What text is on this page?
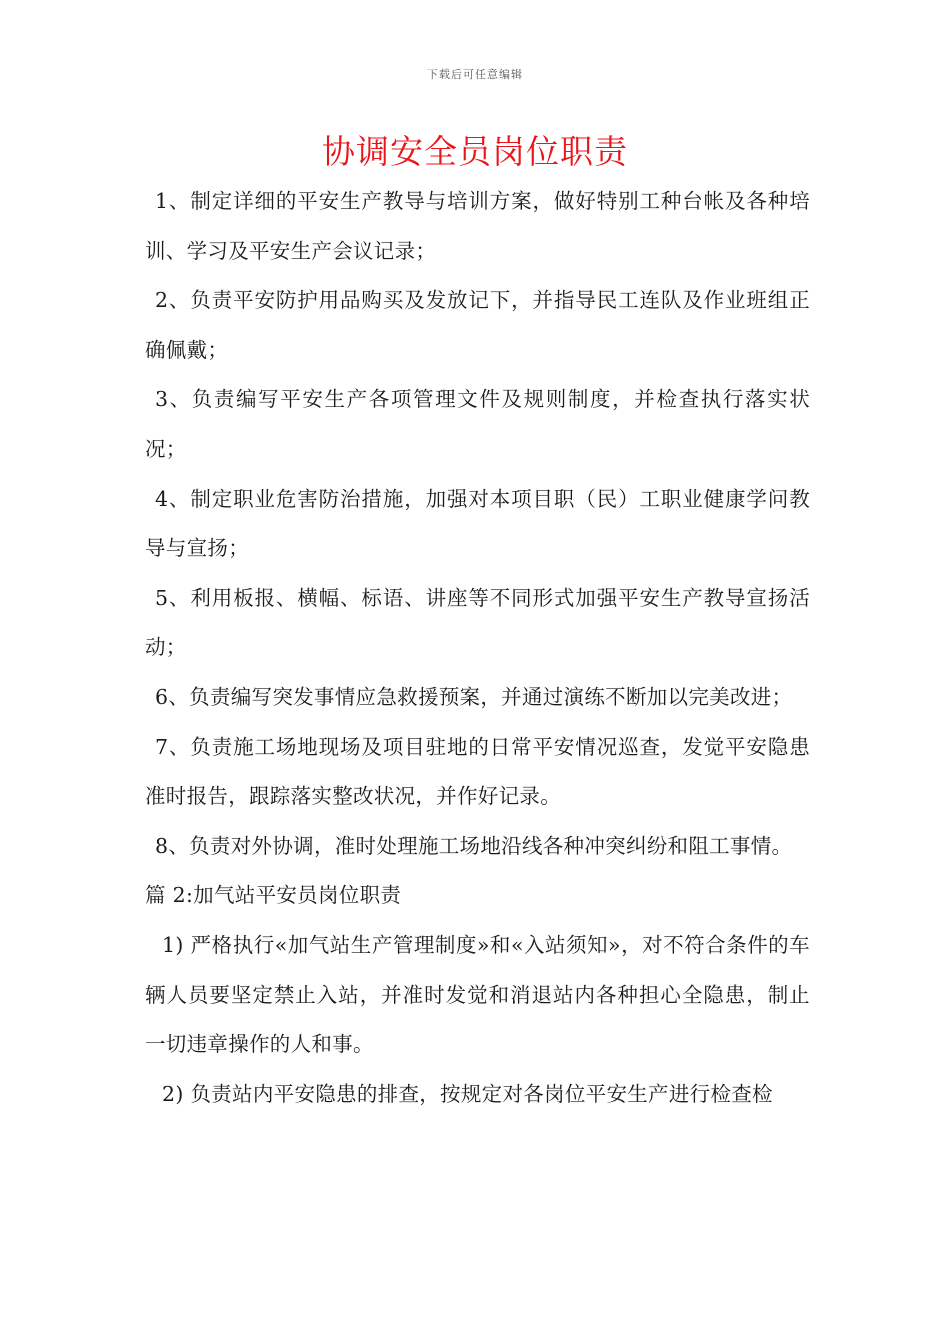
下载后可任意编辑
协调安全员岗位职责

1、制定详细的平安生产教导与培训方案，做好特别工种台帐及各种培训、学习及平安生产会议记录；

2、负责平安防护用品购买及发放记下，并指导民工连队及作业班组正确佩戴；

3、负责编写平安生产各项管理文件及规则制度，并检查执行落实状况；

4、制定职业危害防治措施，加强对本项目职（民）工职业健康学问教导与宣扬；

5、利用板报、横幅、标语、讲座等不同形式加强平安生产教导宣扬活动；

6、负责编写突发事情应急救援预案，并通过演练不断加以完美改进；

7、负责施工场地现场及项目驻地的日常平安情况巡查，发觉平安隐患准时报告，跟踪落实整改状况，并作好记录。

8、负责对外协调，准时处理施工场地沿线各种冲突纠纷和阻工事情。

篇 2:加气站平安员岗位职责

1) 严格执行«加气站生产管理制度»和«入站须知»，对不符合条件的车辆人员要坚定禁止入站，并准时发觉和消退站内各种担心全隐患，制止一切违章操作的人和事。

2) 负责站内平安隐患的排查，按规定对各岗位平安生产进行检查检
